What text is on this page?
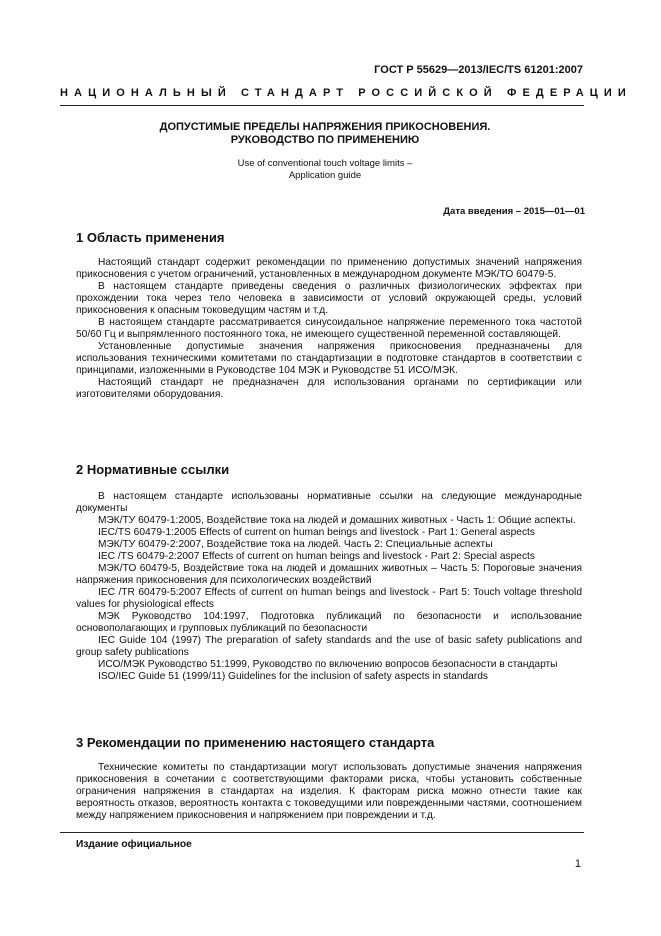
ГОСТ Р 55629—2013/IEC/TS 61201:2007
НАЦИОНАЛЬНЫЙ СТАНДАРТ РОССИЙСКОЙ ФЕДЕРАЦИИ
ДОПУСТИМЫЕ ПРЕДЕЛЫ НАПРЯЖЕНИЯ ПРИКОСНОВЕНИЯ.
РУКОВОДСТВО ПО ПРИМЕНЕНИЮ
Use of conventional touch voltage limits –
Application guide
Дата введения – 2015—01—01
1 Область применения

Настоящий стандарт содержит рекомендации по применению допустимых значений напряжения прикосновения с учетом ограничений, установленных в международном документе МЭК/ТО 60479-5.

В настоящем стандарте приведены сведения о различных физиологических эффектах при прохождении тока через тело человека в зависимости от условий окружающей среды, условий прикосновения к опасным токоведущим частям и т.д.

В настоящем стандарте рассматривается синусоидальное напряжение переменного тока частотой 50/60 Гц и выпрямленного постоянного тока, не имеющего существенной переменной составляющей.

Установленные допустимые значения напряжения прикосновения предназначены для использования техническими комитетами по стандартизации в подготовке стандартов в соответствии с принципами, изложенными в Руководстве 104 МЭК и Руководстве 51 ИСО/МЭК.

Настоящий стандарт не предназначен для использования органами по сертификации или изготовителями оборудования.

2 Нормативные ссылки

В настоящем стандарте использованы нормативные ссылки на следующие международные документы

МЭК/ТУ 60479-1:2005, Воздействие тока на людей и домашних животных - Часть 1: Общие аспекты.

IEC/TS 60479-1:2005 Effects of current on human beings and livestock - Part 1: General aspects

МЭК/ТУ 60479-2:2007, Воздействие тока на людей. Часть 2: Специальные аспекты

IEC /TS 60479-2:2007 Effects of current on human beings and livestock - Part 2: Special aspects

МЭК/ТО 60479-5, Воздействие тока на людей и домашних животных – Часть 5: Пороговые значения напряжения прикосновения для психологических воздействий

IEC /TR 60479-5:2007 Effects of current on human beings and livestock - Part 5: Touch voltage threshold values for physiological effects

МЭК Руководство 104:1997, Подготовка публикаций по безопасности и использование основополагающих и групповых публикаций по безопасности

IEC Guide 104 (1997) The preparation of safety standards and the use of basic safety publications and group safety publications

ИСО/МЭК Руководство 51:1999, Руководство по включению вопросов безопасности в стандарты

ISO/IEC Guide 51 (1999/11) Guidelines for the inclusion of safety aspects in standards

3 Рекомендации по применению настоящего стандарта

Технические комитеты по стандартизации могут использовать допустимые значения напряжения прикосновения в сочетании с соответствующими факторами риска, чтобы установить собственные ограничения напряжения в стандартах на изделия. К факторам риска можно отнести такие как вероятность отказов, вероятность контакта с токоведущими или поврежденными частями, соотношением между напряжением прикосновения и напряжением при повреждении и т.д.

Издание официальное
1
